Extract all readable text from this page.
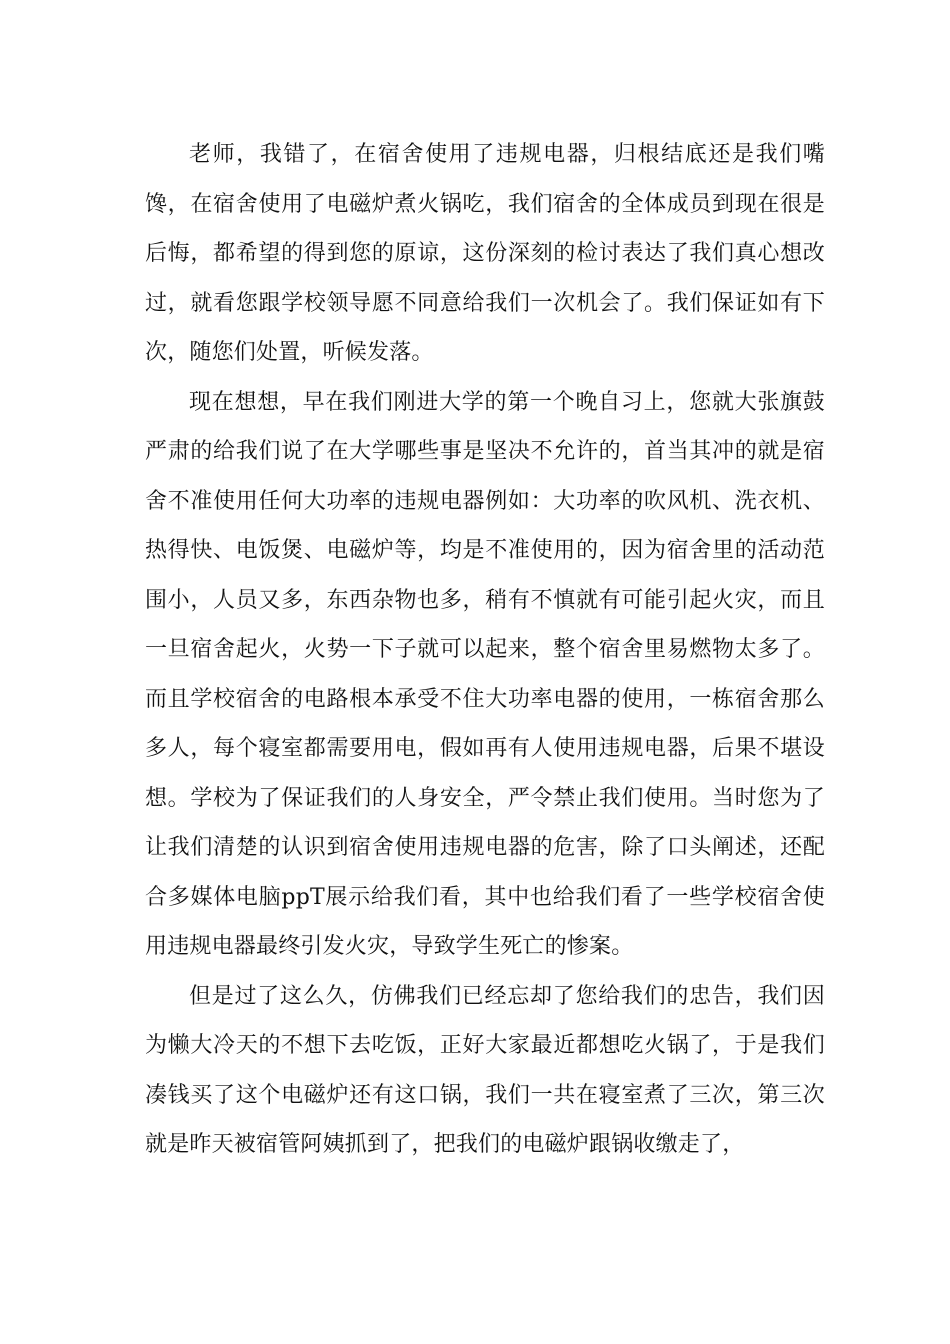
老师，我错了，在宿舍使用了违规电器，归根结底还是我们嘴馋，在宿舍使用了电磁炉煮火锅吃，我们宿舍的全体成员到现在很是后悔，都希望的得到您的原谅，这份深刻的检讨表达了我们真心想改过，就看您跟学校领导愿不同意给我们一次机会了。我们保证如有下次，随您们处置，听候发落。

现在想想，早在我们刚进大学的第一个晚自习上，您就大张旗鼓严肃的给我们说了在大学哪些事是坚决不允许的，首当其冲的就是宿舍不准使用任何大功率的违规电器例如：大功率的吹风机、洗衣机、热得快、电饭煲、电磁炉等，均是不准使用的，因为宿舍里的活动范围小，人员又多，东西杂物也多，稍有不慎就有可能引起火灾，而且一旦宿舍起火，火势一下子就可以起来，整个宿舍里易燃物太多了。而且学校宿舍的电路根本承受不住大功率电器的使用，一栋宿舍那么多人，每个寝室都需要用电，假如再有人使用违规电器，后果不堪设想。学校为了保证我们的人身安全，严令禁止我们使用。当时您为了让我们清楚的认识到宿舍使用违规电器的危害，除了口头阐述，还配合多媒体电脑ppT展示给我们看，其中也给我们看了一些学校宿舍使用违规电器最终引发火灾，导致学生死亡的惨案。

但是过了这么久，仿佛我们已经忘却了您给我们的忠告，我们因为懒大冷天的不想下去吃饭，正好大家最近都想吃火锅了，于是我们凑钱买了这个电磁炉还有这口锅，我们一共在寝室煮了三次，第三次就是昨天被宿管阿姨抓到了，把我们的电磁炉跟锅收缴走了，
